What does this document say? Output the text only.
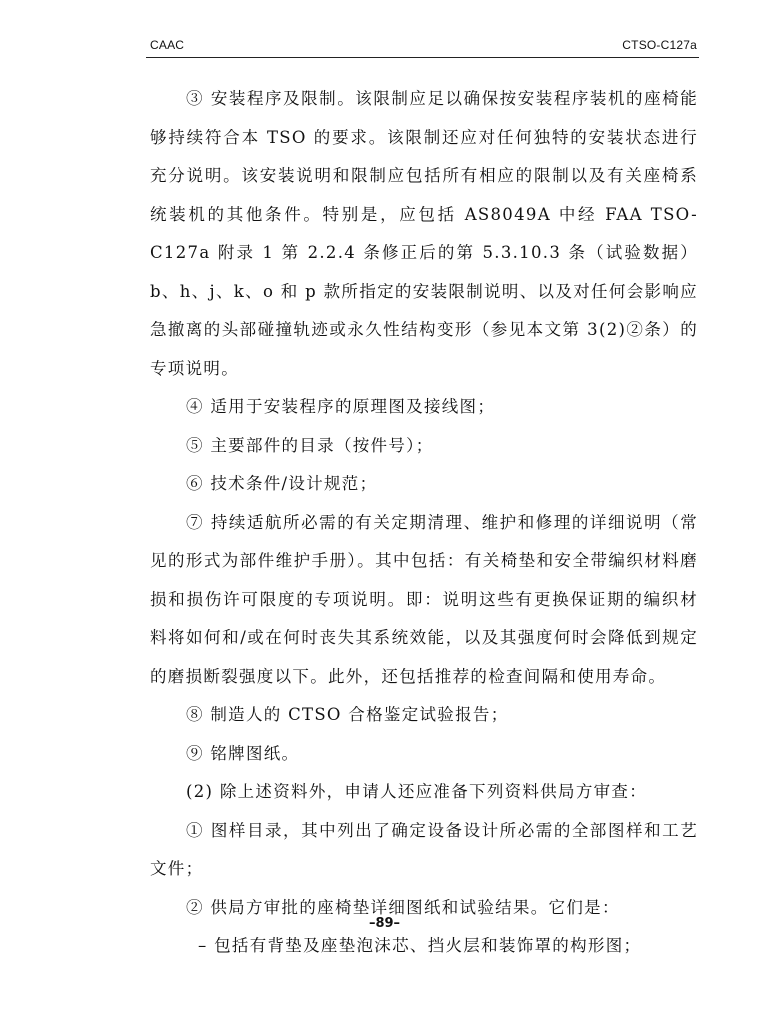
CAAC	CTSO-C127a

③ 安装程序及限制。该限制应足以确保按安装程序装机的座椅能够持续符合本 TSO 的要求。该限制还应对任何独特的安装状态进行充分说明。该安装说明和限制应包括所有相应的限制以及有关座椅系统装机的其他条件。特别是，应包括 AS8049A 中经 FAA TSO-C127a 附录 1 第 2.2.4 条修正后的第 5.3.10.3 条（试验数据）b、h、j、k、o 和 p 款所指定的安装限制说明、以及对任何会影响应急撤离的头部碰撞轨迹或永久性结构变形（参见本文第 3(2)②条）的专项说明。

④ 适用于安装程序的原理图及接线图；

⑤ 主要部件的目录（按件号）；

⑥ 技术条件/设计规范；

⑦ 持续适航所必需的有关定期清理、维护和修理的详细说明（常见的形式为部件维护手册）。其中包括：有关椅垫和安全带编织材料磨损和损伤许可限度的专项说明。即：说明这些有更换保证期的编织材料将如何和/或在何时丧失其系统效能，以及其强度何时会降低到规定的磨损断裂强度以下。此外，还包括推荐的检查间隔和使用寿命。

⑧ 制造人的 CTSO 合格鉴定试验报告；

⑨ 铭牌图纸。

(2) 除上述资料外，申请人还应准备下列资料供局方审查：

① 图样目录，其中列出了确定设备设计所必需的全部图样和工艺文件；

② 供局方审批的座椅垫详细图纸和试验结果。它们是：

– 包括有背垫及座垫泡沫芯、挡火层和装饰罩的构形图；

–89–
